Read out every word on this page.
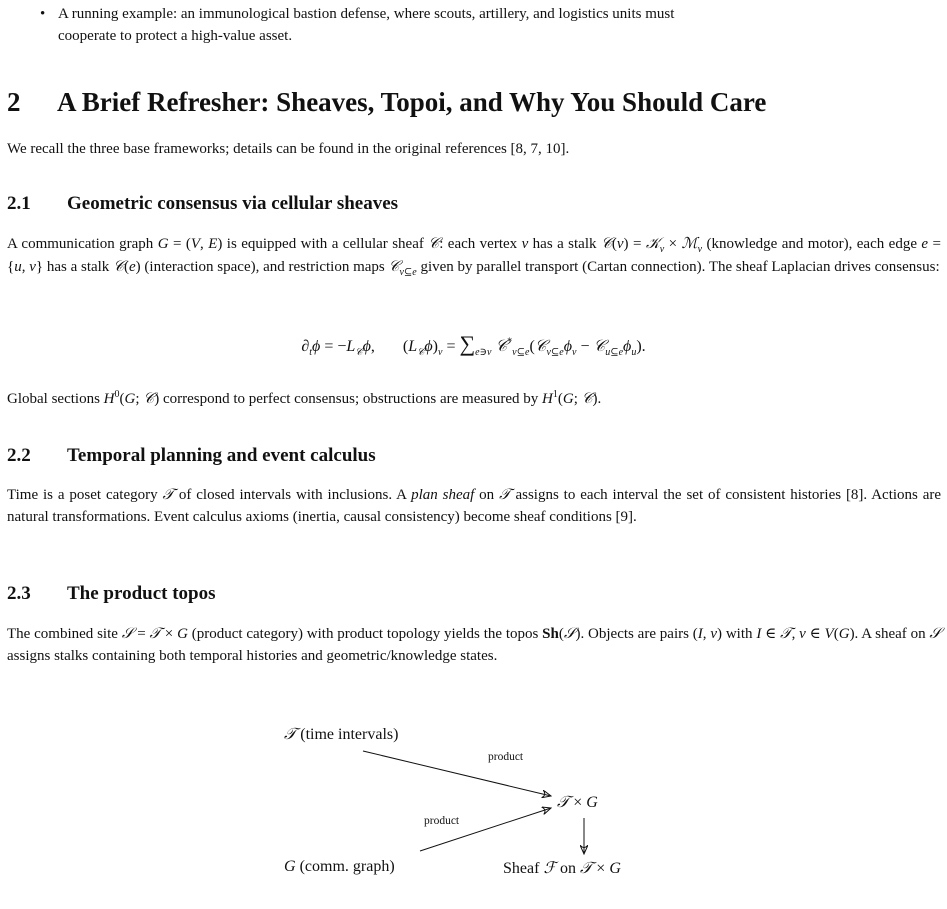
• A running example: an immunological bastion defense, where scouts, artillery, and logistics units must
cooperate to protect a high-value asset.
2 A Brief Refresher: Sheaves, Topoi, and Why You Should Care

We recall the three base frameworks; details can be found in the original references [8, 7, 10].

2.1 Geometric consensus via cellular sheaves

A communication graph G = (V, E) is equipped with a cellular sheaf 𝒞: each vertex v has a stalk 𝒞(v) = 𝒦$_v$ × ℳ$_v$ (knowledge and motor), each edge e = {u, v} has a stalk 𝒞(e) (interaction space), and restriction maps 𝒞$_{v⊆e}$ given by parallel transport (Cartan connection). The sheaf Laplacian drives consensus:

$\partial_t\phi = -L_𝒞\phi$,       $(L_𝒞\phi)_v = \sum_{e∋v}$ $𝒞^*_{v⊆e}(𝒞_{v⊆e}\phi_v$ − $𝒞_{u⊆e}\phi_u$).

Global sections $H^0(G$; 𝒞) correspond to perfect consensus; obstructions are measured by $H^1(G$; 𝒞).

2.2 Temporal planning and event calculus

Time is a poset category 𝒯 of closed intervals with inclusions. A plan sheaf on 𝒯 assigns to each interval the set of consistent histories [8]. Actions are natural transformations. Event calculus axioms (inertia, causal consistency) become sheaf conditions [9].

2.3 The product topos

The combined site 𝒮 = 𝒯 × G (product category) with product topology yields the topos Sh(𝒮). Objects are pairs (I, v) with I ∈ 𝒯, v ∈ V(G). A sheaf on 𝒮 assigns stalks containing both temporal histories and geometric/knowledge states.

𝒯 (time intervals)
product
𝒯 × G
product
G (comm. graph)	Sheaf ℱ on 𝒯 × G
